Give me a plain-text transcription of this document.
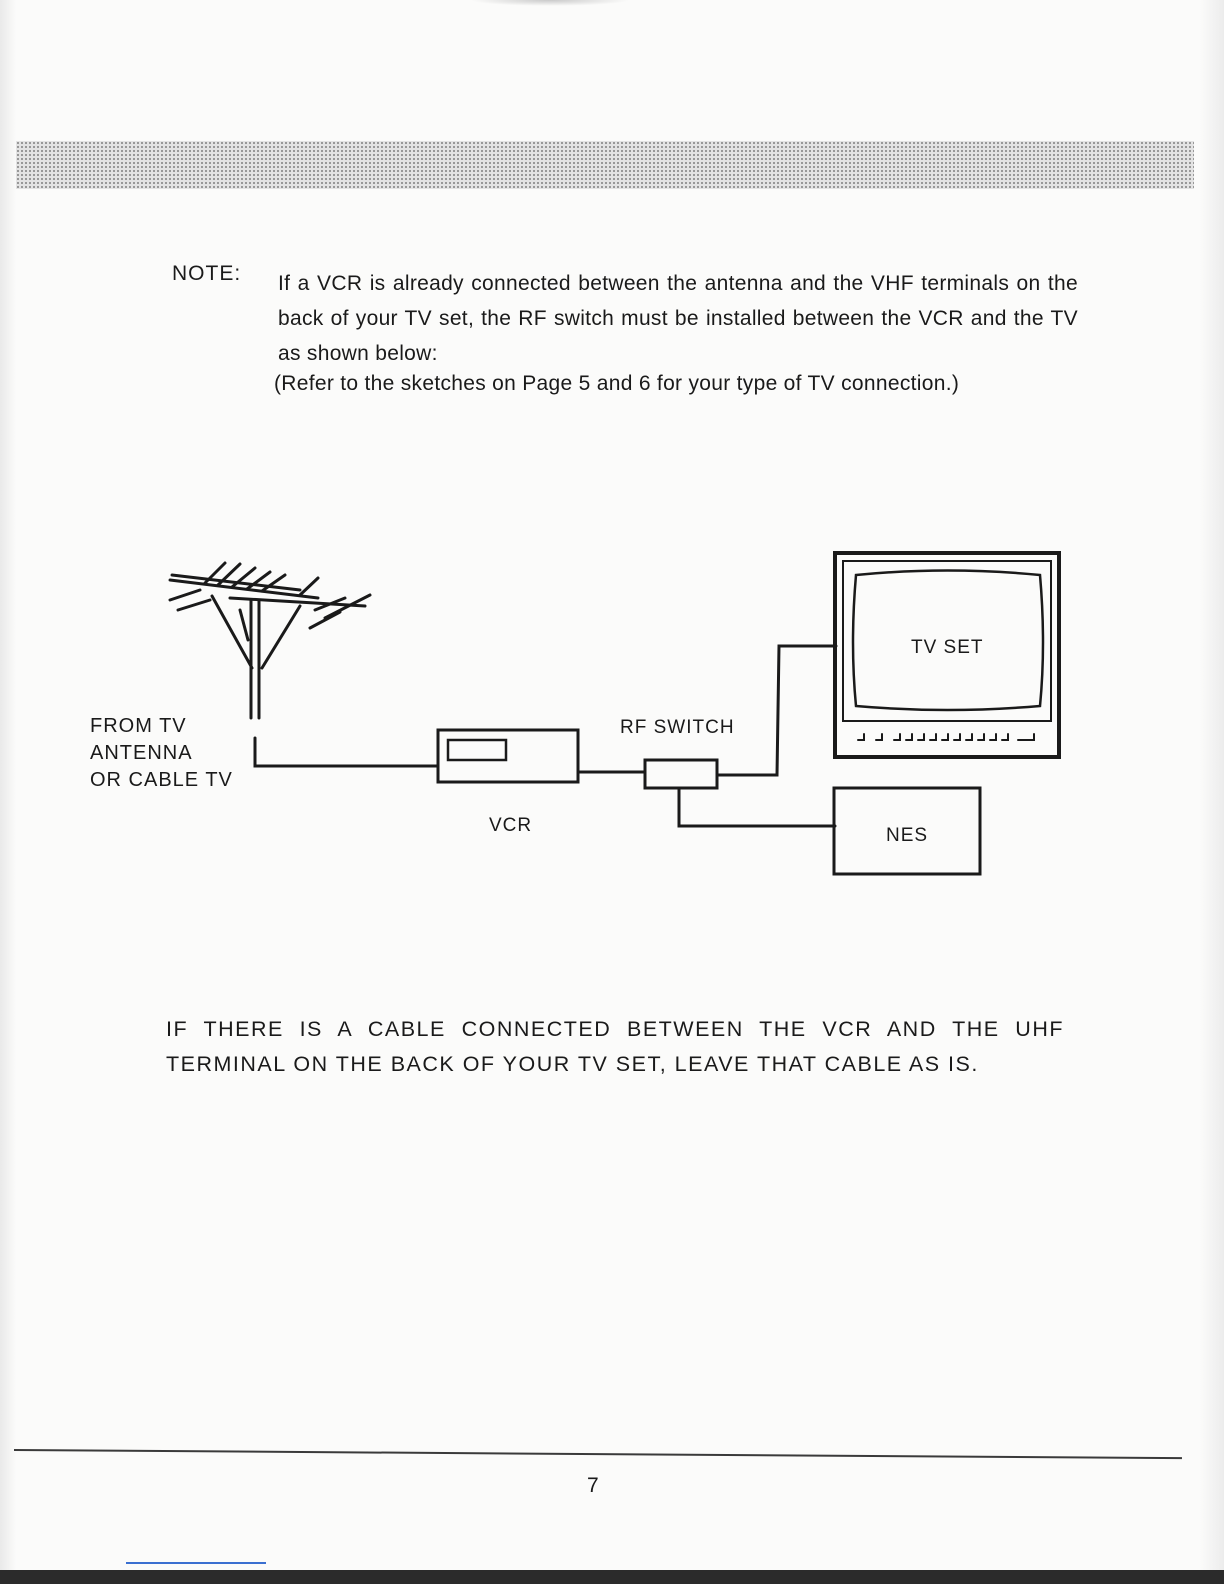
NOTE: If a VCR is already connected between the antenna and the VHF terminals on the back of your TV set, the RF switch must be installed between the VCR and the TV as shown below:
(Refer to the sketches on Page 5 and 6 for your type of TV connection.)
FROM TV
ANTENNA
OR CABLE TV
RF SWITCH
VCR
TV SET
NES
IF THERE IS A CABLE CONNECTED BETWEEN THE VCR AND THE UHF TERMINAL ON THE BACK OF YOUR TV SET, LEAVE THAT CABLE AS IS.
7
